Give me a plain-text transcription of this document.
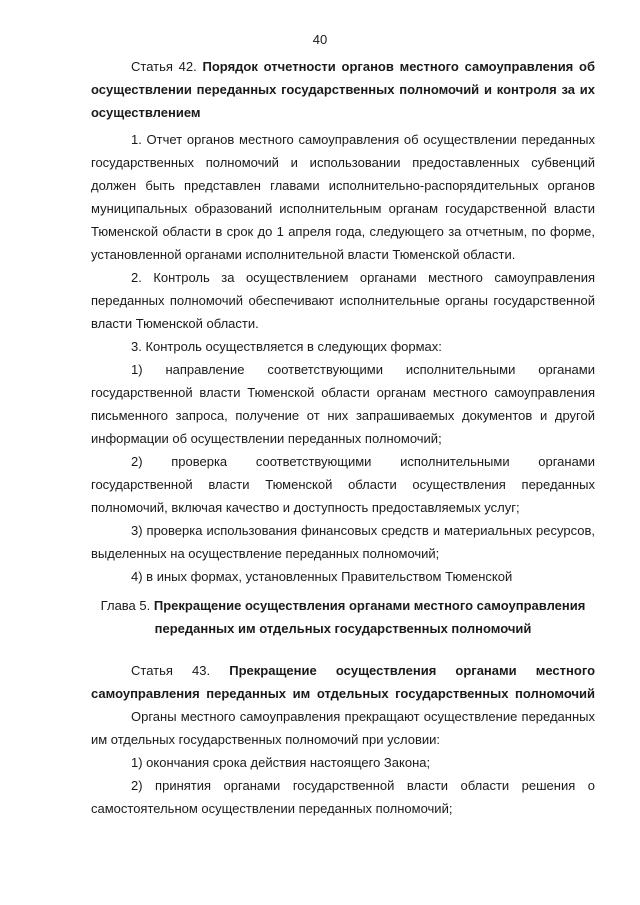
40

Статья 42. Порядок отчетности органов местного самоуправления об осуществлении переданных государственных полномочий и контроля за их осуществлением

1. Отчет органов местного самоуправления об осуществлении переданных государственных полномочий и использовании предоставленных субвенций должен быть представлен главами исполнительно-распорядительных органов муниципальных образований исполнительным органам государственной власти Тюменской области в срок до 1 апреля года, следующего за отчетным, по форме, установленной органами исполнительной власти Тюменской области.

2. Контроль за осуществлением органами местного самоуправления переданных полномочий обеспечивают исполнительные органы государственной власти Тюменской области.

3. Контроль осуществляется в следующих формах:

1) направление соответствующими исполнительными органами государственной власти Тюменской области органам местного самоуправления письменного запроса, получение от них запрашиваемых документов и другой информации об осуществлении переданных полномочий;

2) проверка соответствующими исполнительными органами государственной власти Тюменской области осуществления переданных полномочий, включая качество и доступность предоставляемых услуг;

3) проверка использования финансовых средств и материальных ресурсов, выделенных на осуществление переданных полномочий;

4) в иных формах, установленных Правительством Тюменской

Глава 5. Прекращение осуществления органами местного самоуправления переданных им отдельных государственных полномочий

Статья 43. Прекращение осуществления органами местного самоуправления переданных им отдельных государственных полномочий

Органы местного самоуправления прекращают осуществление переданных им отдельных государственных полномочий при условии:

1) окончания срока действия настоящего Закона;

2) принятия органами государственной власти области решения о самостоятельном осуществлении переданных полномочий;
